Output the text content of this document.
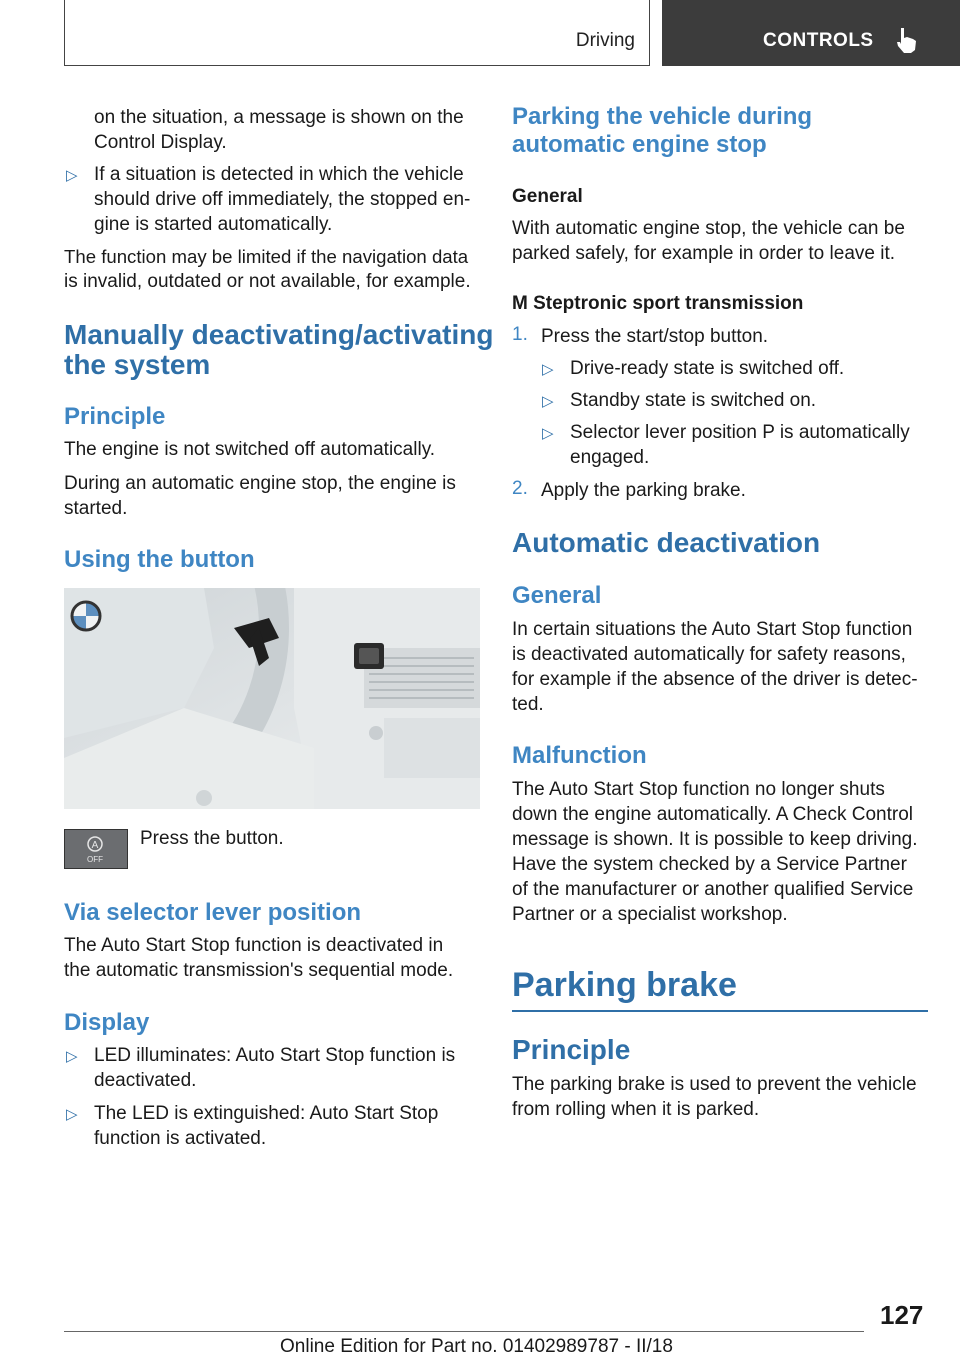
Driving	CONTROLS

on the situation, a message is shown on the

Control Display.

▷ If a situation is detected in which the vehicle

should drive off immediately, the stopped en‐

gine is started automatically.

The function may be limited if the navigation data

is invalid, outdated or not available, for example.

Manually deactivating/activating
the system
Principle

The engine is not switched off automatically.

During an automatic engine stop, the engine is

started.

Using the button
A
OFF

Press the button.

Via selector lever position

The Auto Start Stop function is deactivated in

the automatic transmission's sequential mode.

Display
▷ LED illuminates: Auto Start Stop function is

deactivated.

▷ The LED is extinguished: Auto Start Stop

function is activated.

Parking the vehicle during
automatic engine stop
General

With automatic engine stop, the vehicle can be

parked safely, for example in order to leave it.

M Steptronic sport transmission
1. Press the start/stop button.

▷ Drive-ready state is switched off.

▷ Standby state is switched on.

▷ Selector lever position P is automatically

engaged.

2. Apply the parking brake.

Automatic deactivation
General

In certain situations the Auto Start Stop function

is deactivated automatically for safety reasons,

for example if the absence of the driver is detec‐

ted.

Malfunction

The Auto Start Stop function no longer shuts

down the engine automatically. A Check Control

message is shown. It is possible to keep driving.

Have the system checked by a Service Partner

of the manufacturer or another qualified Service

Partner or a specialist workshop.

Parking brake
Principle

The parking brake is used to prevent the vehicle

from rolling when it is parked.

127
Online Edition for Part no. 01402989787 - II/18
